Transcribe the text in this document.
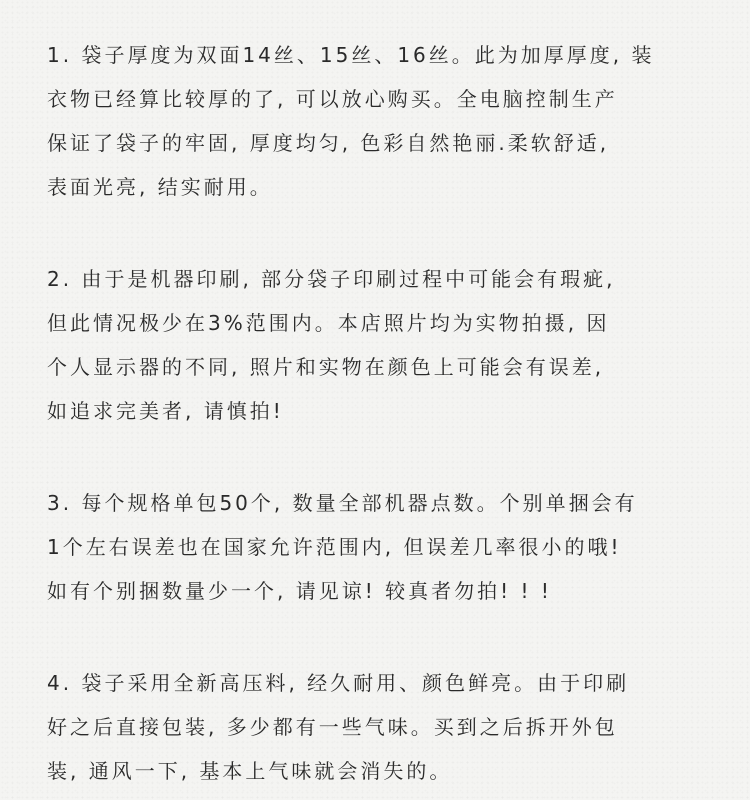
1. 袋子厚度为双面14丝、15丝、16丝。此为加厚厚度, 装
衣物已经算比较厚的了, 可以放心购买。全电脑控制生产
保证了袋子的牢固, 厚度均匀, 色彩自然艳丽.柔软舒适,
表面光亮, 结实耐用。
2. 由于是机器印刷, 部分袋子印刷过程中可能会有瑕疵,
但此情况极少在3%范围内。本店照片均为实物拍摄, 因
个人显示器的不同, 照片和实物在颜色上可能会有误差,
如追求完美者, 请慎拍!
3. 每个规格单包50个, 数量全部机器点数。个别单捆会有
1个左右误差也在国家允许范围内, 但误差几率很小的哦!
如有个别捆数量少一个, 请见谅! 较真者勿拍! ! !
4. 袋子采用全新高压料, 经久耐用、颜色鲜亮。由于印刷
好之后直接包装, 多少都有一些气味。买到之后拆开外包
装, 通风一下, 基本上气味就会消失的。
